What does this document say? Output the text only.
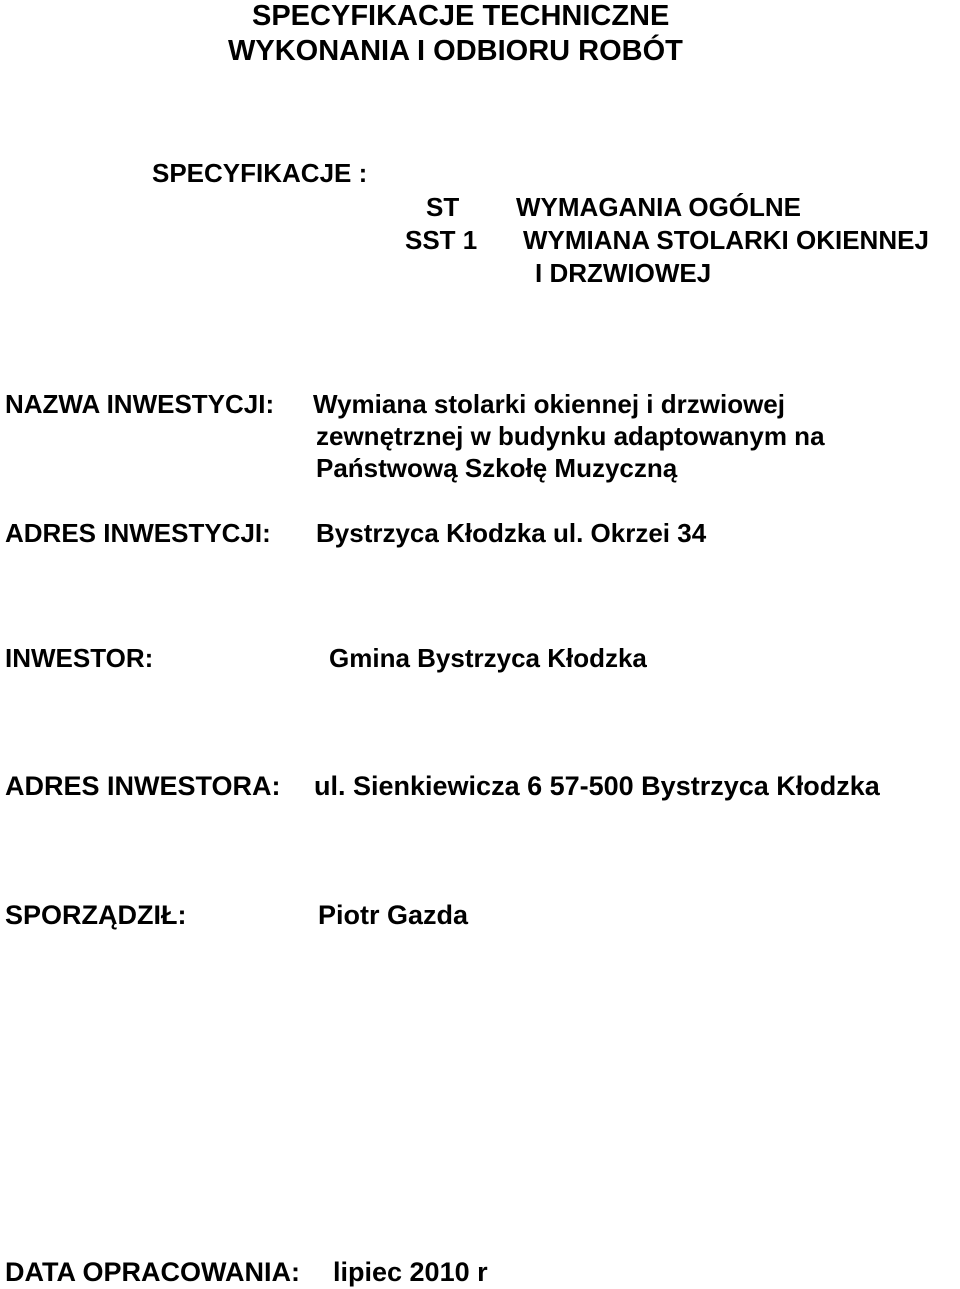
SPECYFIKACJE TECHNICZNE
WYKONANIA I ODBIORU ROBÓT
SPECYFIKACJE :
ST WYMAGANIA OGÓLNE
SST 1 WYMIANA STOLARKI OKIENNEJ
I DRZWIOWEJ
NAZWA INWESTYCJI: Wymiana stolarki okiennej i drzwiowej
zewnętrznej w budynku adaptowanym na
Państwową Szkołę Muzyczną
ADRES INWESTYCJI: Bystrzyca Kłodzka ul. Okrzei 34
INWESTOR:	Gmina Bystrzyca Kłodzka
ADRES INWESTORA: ul. Sienkiewicza 6 57-500 Bystrzyca Kłodzka
SPORZĄDZIŁ:	Piotr Gazda
DATA OPRACOWANIA: lipiec 2010 r
